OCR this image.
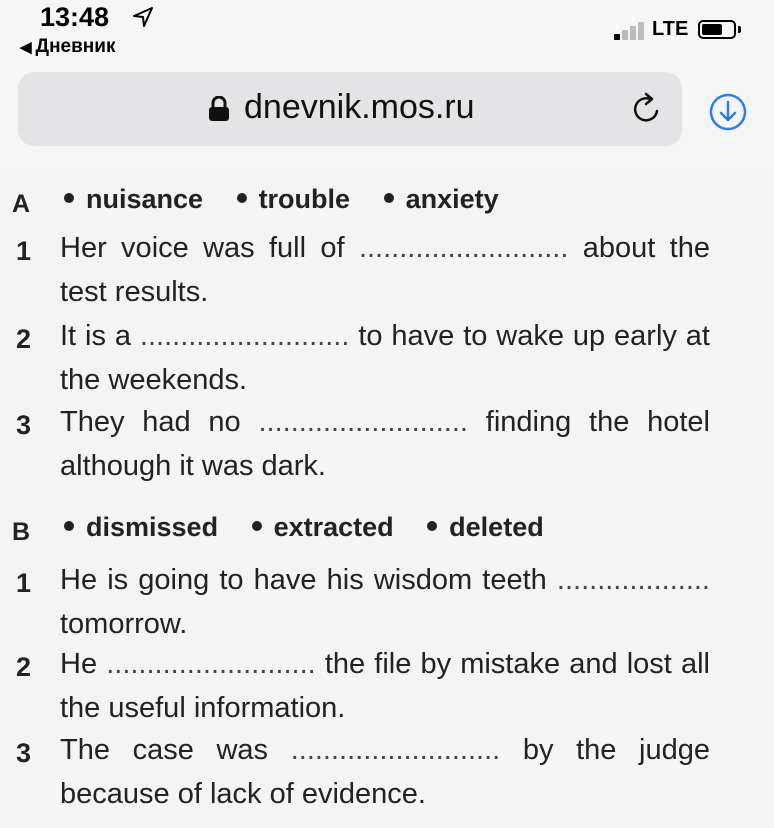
13:48
◀ Дневник
LTE
dnevnik.mos.ru
A	nuisance trouble anxiety
1 Her voice was full of .......................... about the test results.
2 It is a .......................... to have to wake up early at the weekends.
3 They had no .......................... finding the hotel although it was dark.
B	dismissed extracted deleted
1 He is going to have his wisdom teeth ................... tomorrow.
2 He .......................... the file by mistake and lost all the useful information.
3 The case was .......................... by the judge because of lack of evidence.
